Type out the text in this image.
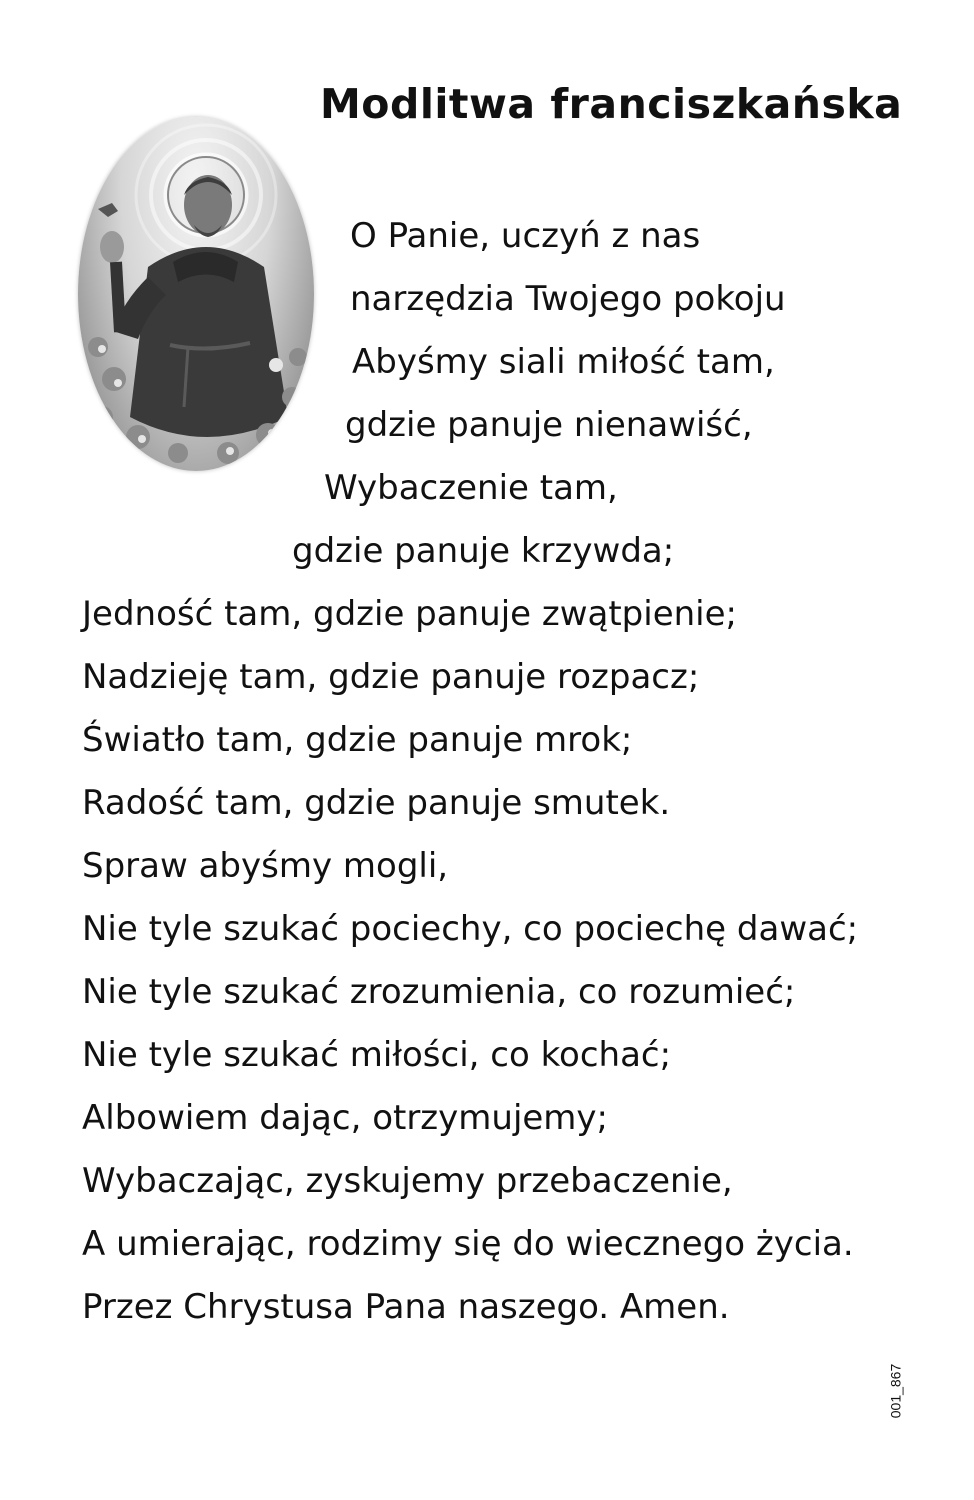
Modlitwa franciszkańska
O Panie, uczyń z nas
narzędzia Twojego pokoju
Abyśmy siali miłość tam,
gdzie panuje nienawiść,
Wybaczenie tam,
gdzie panuje krzywda;
Jedność tam, gdzie panuje zwątpienie;
Nadzieję tam, gdzie panuje rozpacz;
Światło tam, gdzie panuje mrok;
Radość tam, gdzie panuje smutek.
Spraw abyśmy mogli,
Nie tyle szukać pociechy, co pociechę dawać;
Nie tyle szukać zrozumienia, co rozumieć;
Nie tyle szukać miłości, co kochać;
Albowiem dając, otrzymujemy;
Wybaczając, zyskujemy przebaczenie,
A umierając, rodzimy się do wiecznego życia.
Przez Chrystusa Pana naszego. Amen.
001_867
